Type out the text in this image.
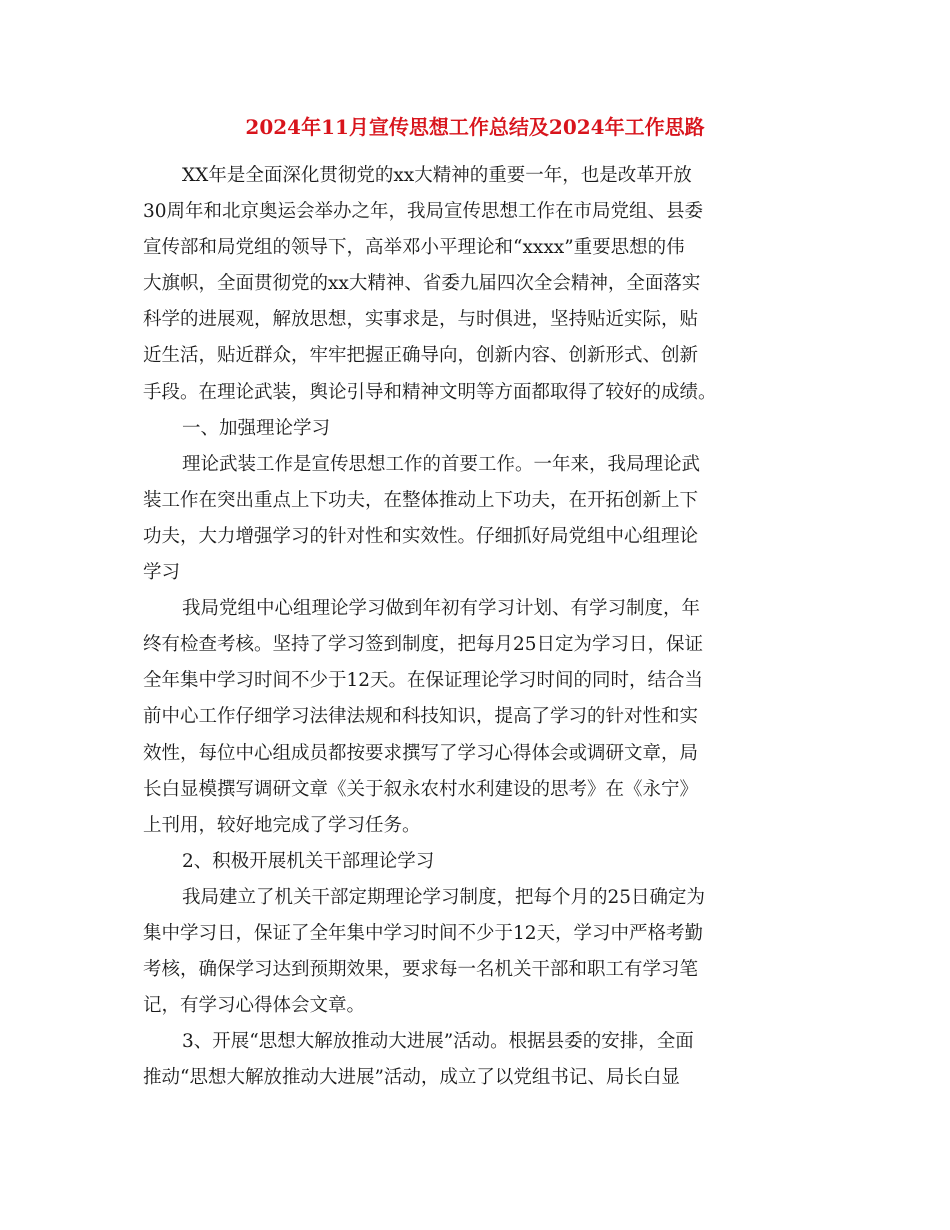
2024年11月宣传思想工作总结及2024年工作思路
XX年是全面深化贯彻党的xx大精神的重要一年，也是改革开放
30周年和北京奥运会举办之年，我局宣传思想工作在市局党组、县委
宣传部和局党组的领导下，高举邓小平理论和“xxxx”重要思想的伟
大旗帜，全面贯彻党的xx大精神、省委九届四次全会精神，全面落实
科学的进展观，解放思想，实事求是，与时俱进，坚持贴近实际，贴
近生活，贴近群众，牢牢把握正确导向，创新内容、创新形式、创新
手段。在理论武装，舆论引导和精神文明等方面都取得了较好的成绩。
一、加强理论学习
理论武装工作是宣传思想工作的首要工作。一年来，我局理论武
装工作在突出重点上下功夫，在整体推动上下功夫，在开拓创新上下
功夫，大力增强学习的针对性和实效性。仔细抓好局党组中心组理论
学习
我局党组中心组理论学习做到年初有学习计划、有学习制度，年
终有检查考核。坚持了学习签到制度，把每月25日定为学习日，保证
全年集中学习时间不少于12天。在保证理论学习时间的同时，结合当
前中心工作仔细学习法律法规和科技知识，提高了学习的针对性和实
效性，每位中心组成员都按要求撰写了学习心得体会或调研文章，局
长白显模撰写调研文章《关于叙永农村水利建设的思考》在《永宁》
上刊用，较好地完成了学习任务。
2、积极开展机关干部理论学习
我局建立了机关干部定期理论学习制度，把每个月的25日确定为
集中学习日，保证了全年集中学习时间不少于12天，学习中严格考勤
考核，确保学习达到预期效果，要求每一名机关干部和职工有学习笔
记，有学习心得体会文章。
3、开展“思想大解放推动大进展”活动。根据县委的安排，全面
推动“思想大解放推动大进展”活动，成立了以党组书记、局长白显
